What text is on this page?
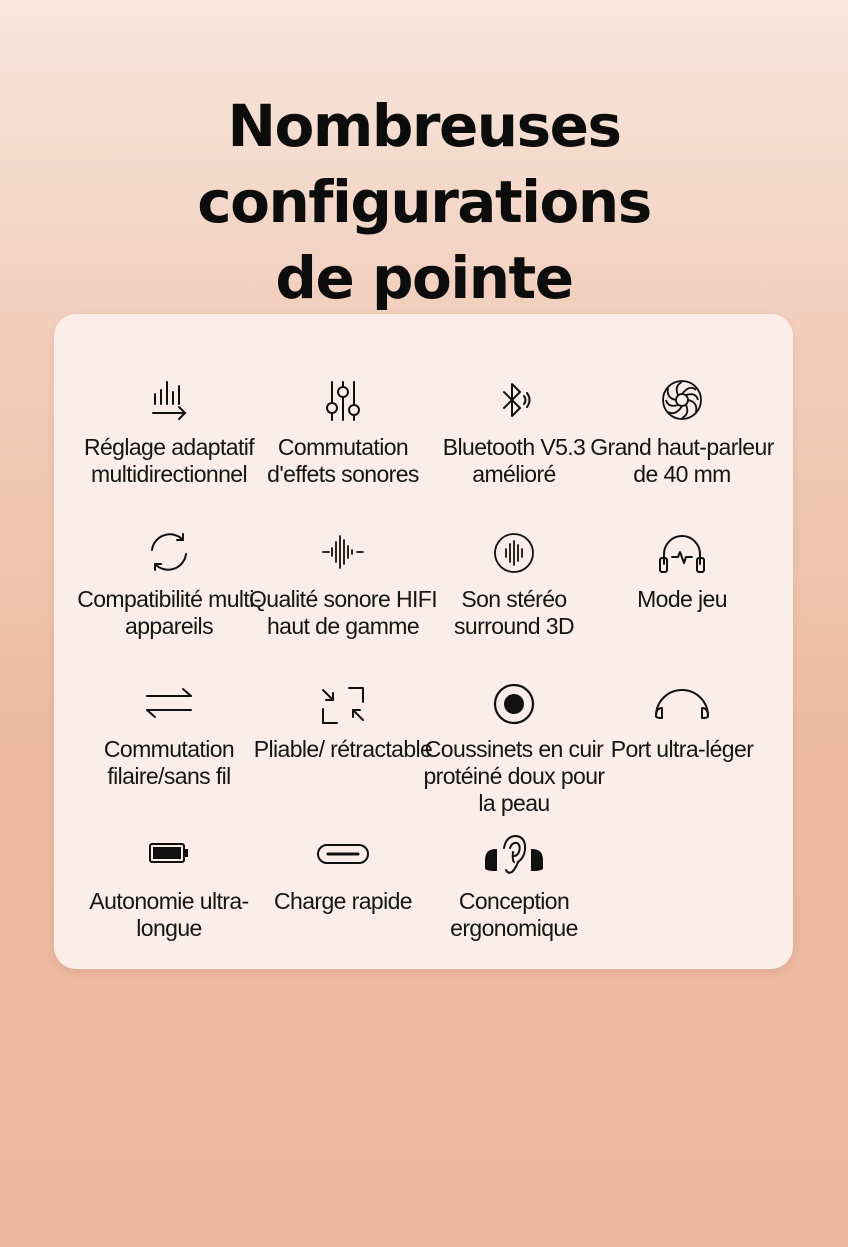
Nombreuses configurations
de pointe
Réglage adaptatif multidirectionnel
Commutation d'effets sonores
Bluetooth V5.3 amélioré
Grand haut-parleur de 40 mm
Compatibilité multi-appareils
Qualité sonore HIFI haut de gamme
Son stéréo surround 3D
Mode jeu
Commutation filaire/sans fil
Pliable/ rétractable
Coussinets en cuir protéiné doux pour la peau
Port ultra-léger
Autonomie ultra-longue
Charge rapide	Conception ergonomique
